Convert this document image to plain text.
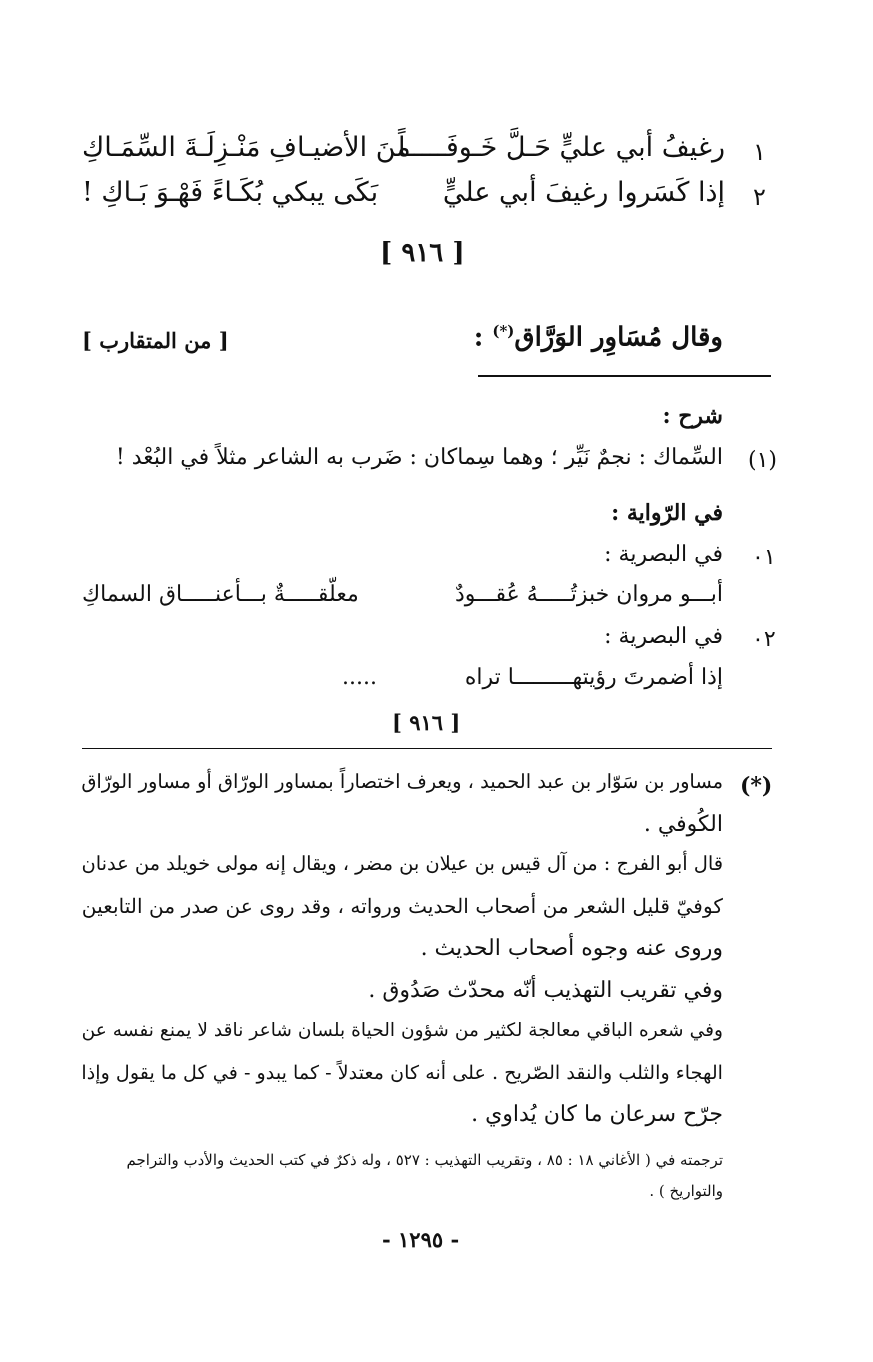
١
رغيفُ أبي عليٍّ حَـلَّ خَـوفَـــــاً
منَ الأضيـافِ مَنْـزِلَـةَ السِّمَـاكِ
٢
إذا كَسَروا رغيفَ أبي عليٍّ
بَكَى يبكي بُكَـاءً فَهْـوَ بَـاكِ !
[ ٩١٦ ]
وقال مُسَاوِر الوَرَّاق(*) :
[ من المتقارب ]
شرح :
(١)
السِّماك : نجمٌ نَيِّر ؛ وهما سِماكان : ضَرب به الشاعر مثلاً في البُعْد !
في الرّواية :
٠١
في البصرية :
أبـــو مروان خبزتُـــــهُ عُقـــودٌ
معلّقـــــةٌ بـــأعنـــــاق السماكِ
٠٢
في البصرية :
إذا أضمرتَ رؤيتهـــــــــا تراه
.....
[ ٩١٦ ]
(*)
مساور بن سَوّار بن عبد الحميد ، ويعرف اختصاراً بمساور الورّاق أو مساور الورّاق
الكُوفي .
قال أبو الفرج : من آل قيس بن عيلان بن مضر ، ويقال إنه مولى خويلد من عدنان
كوفيّ قليل الشعر من أصحاب الحديث ورواته ، وقد روى عن صدر من التابعين
وروى عنه وجوه أصحاب الحديث .
وفي تقريب التهذيب أنّه محدّث صَدُوق .
وفي شعره الباقي معالجة لكثير من شؤون الحياة بلسان شاعر ناقد لا يمنع نفسه عن
الهجاء والثلب والنقد الصّريح . على أنه كان معتدلاً - كما يبدو - في كل ما يقول وإذا
جرّح سرعان ما كان يُداوي .
ترجمته في ( الأغاني ١٨ : ٨٥ ، وتقريب التهذيب : ٥٢٧ ، وله ذكرٌ في كتب الحديث والأدب والتراجم
والتواريخ ) .
- ١٢٩٥ -
